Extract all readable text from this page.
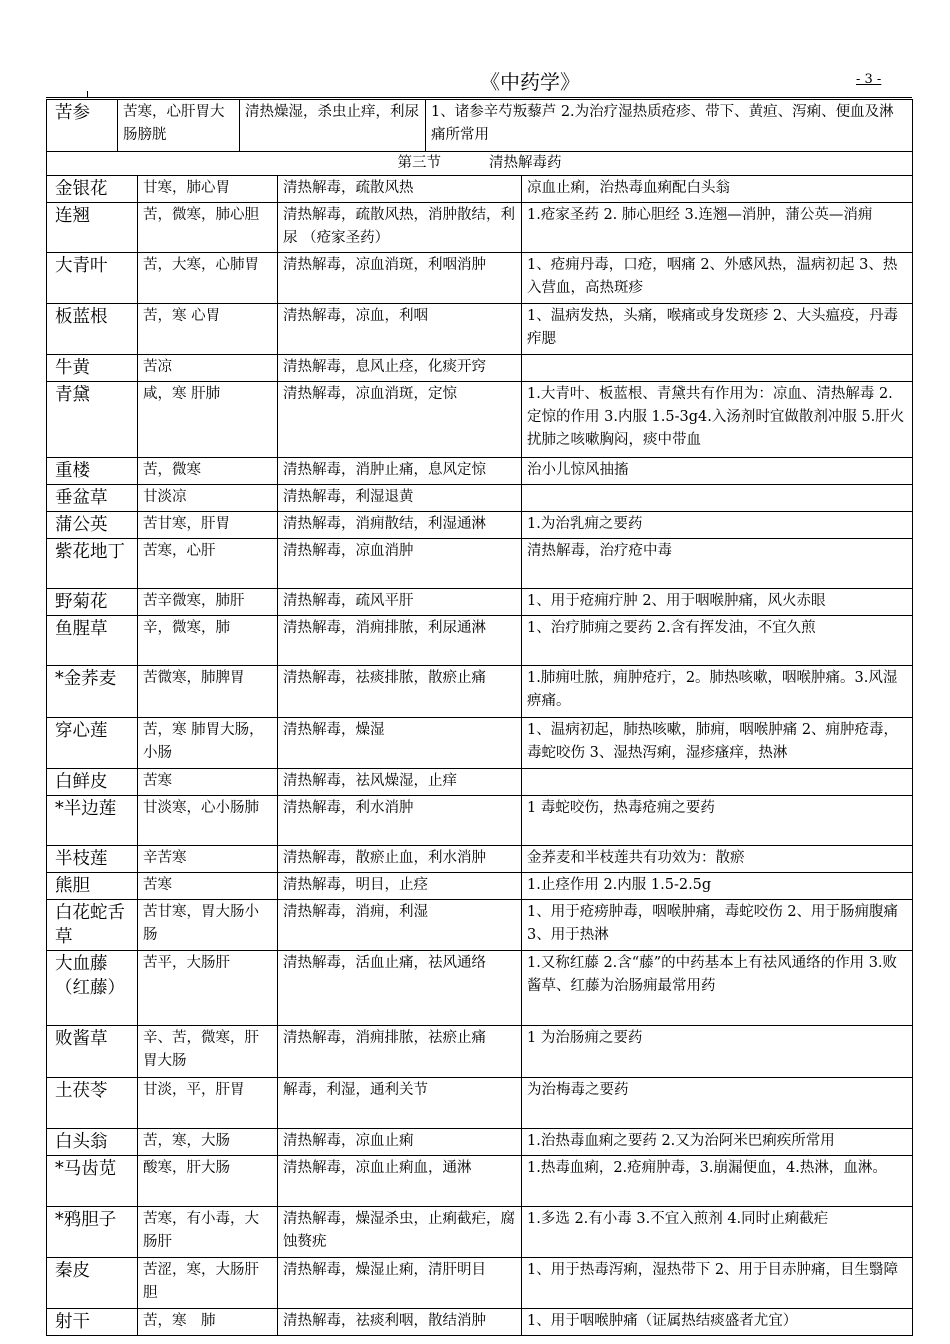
《中药学》	- 3 -
苦参	苦寒，心肝胃大肠膀胱	清热燥湿，杀虫止痒，利尿	1、诸参辛芍叛藜芦 2.为治疗湿热质疮疹、带下、黄疸、泻痢、便血及淋痛所常用
第三节 清热解毒药			
金银花	甘寒，肺心胃	清热解毒，疏散风热	凉血止痢，治热毒血痢配白头翁
连翘	苦，微寒，肺心胆	清热解毒，疏散风热，消肿散结，利尿 （疮家圣药）	1.疮家圣药 2. 肺心胆经 3.连翘—消肿，蒲公英—消痈
大青叶	苦，大寒，心肺胃	清热解毒，凉血消斑，利咽消肿	1、疮痈丹毒，口疮，咽痛 2、外感风热，温病初起 3、热入营血，高热斑疹
板蓝根	苦，寒 心胃	清热解毒，凉血，利咽	1、温病发热，头痛，喉痛或身发斑疹 2、大头瘟疫，丹毒痄腮
牛黄	苦凉	清热解毒，息风止痉，化痰开窍	
青黛	咸，寒 肝肺	清热解毒，凉血消斑，定惊	1.大青叶、板蓝根、青黛共有作用为：凉血、清热解毒 2.定惊的作用 3.内服 1.5-3g4.入汤剂时宜做散剂冲服 5.肝火扰肺之咳嗽胸闷，痰中带血
重楼	苦，微寒	清热解毒，消肿止痛，息风定惊	治小儿惊风抽搐
垂盆草	甘淡凉	清热解毒，利湿退黄	
蒲公英	苦甘寒，肝胃	清热解毒，消痈散结，利湿通淋	1.为治乳痈之要药
紫花地丁	苦寒，心肝	清热解毒，凉血消肿	清热解毒，治疗疮中毒
野菊花	苦辛微寒，肺肝	清热解毒，疏风平肝	1、用于疮痈疔肿 2、用于咽喉肿痛，风火赤眼
鱼腥草	辛，微寒，肺	清热解毒，消痈排脓，利尿通淋	1、治疗肺痈之要药 2.含有挥发油，不宜久煎
*金荞麦	苦微寒，肺脾胃	清热解毒，祛痰排脓，散瘀止痛	1.肺痈吐脓，痈肿疮疔，2。肺热咳嗽，咽喉肿痛。3.风湿痹痛。
穿心莲	苦，寒 肺胃大肠，小肠	清热解毒，燥湿	1、温病初起，肺热咳嗽，肺痈，咽喉肿痛 2、痈肿疮毒，毒蛇咬伤 3、湿热泻痢，湿疹瘙痒，热淋
白鲜皮	苦寒	清热解毒，祛风燥湿，止痒	
*半边莲	甘淡寒，心小肠肺	清热解毒，利水消肿	1 毒蛇咬伤，热毒疮痈之要药
半枝莲	辛苦寒	清热解毒，散瘀止血，利水消肿	金荞麦和半枝莲共有功效为：散瘀
熊胆	苦寒	清热解毒，明目，止痉	1.止痉作用 2.内服 1.5-2.5g
白花蛇舌草	苦甘寒，胃大肠小肠	清热解毒，消痈，利湿	1、用于疮痨肿毒，咽喉肿痛，毒蛇咬伤 2、用于肠痈腹痛 3、用于热淋
大血藤（红藤）	苦平，大肠肝	清热解毒，活血止痛，祛风通络	1.又称红藤 2.含“藤”的中药基本上有祛风通络的作用 3.败酱草、红藤为治肠痈最常用药
败酱草	辛、苦，微寒，肝胃大肠	清热解毒，消痈排脓，祛瘀止痛	1 为治肠痈之要药
土茯苓	甘淡，平，肝胃	解毒，利湿，通利关节	为治梅毒之要药
白头翁	苦，寒，大肠	清热解毒，凉血止痢	1.治热毒血痢之要药 2.又为治阿米巴痢疾所常用
*马齿苋	酸寒，肝大肠	清热解毒，凉血止痢血，通淋	1.热毒血痢，2.疮痈肿毒，3.崩漏便血，4.热淋，血淋。
*鸦胆子	苦寒，有小毒，大肠肝	清热解毒，燥湿杀虫，止痢截疟，腐蚀赘疣	1.多选 2.有小毒 3.不宜入煎剂 4.同时止痢截疟
秦皮	苦涩，寒，大肠肝胆	清热解毒，燥湿止痢，清肝明目	1、用于热毒泻痢，湿热带下 2、用于目赤肿痛，目生翳障
射干	苦，寒　肺	清热解毒，祛痰利咽，散结消肿	1、用于咽喉肿痛（证属热结痰盛者尤宜）
